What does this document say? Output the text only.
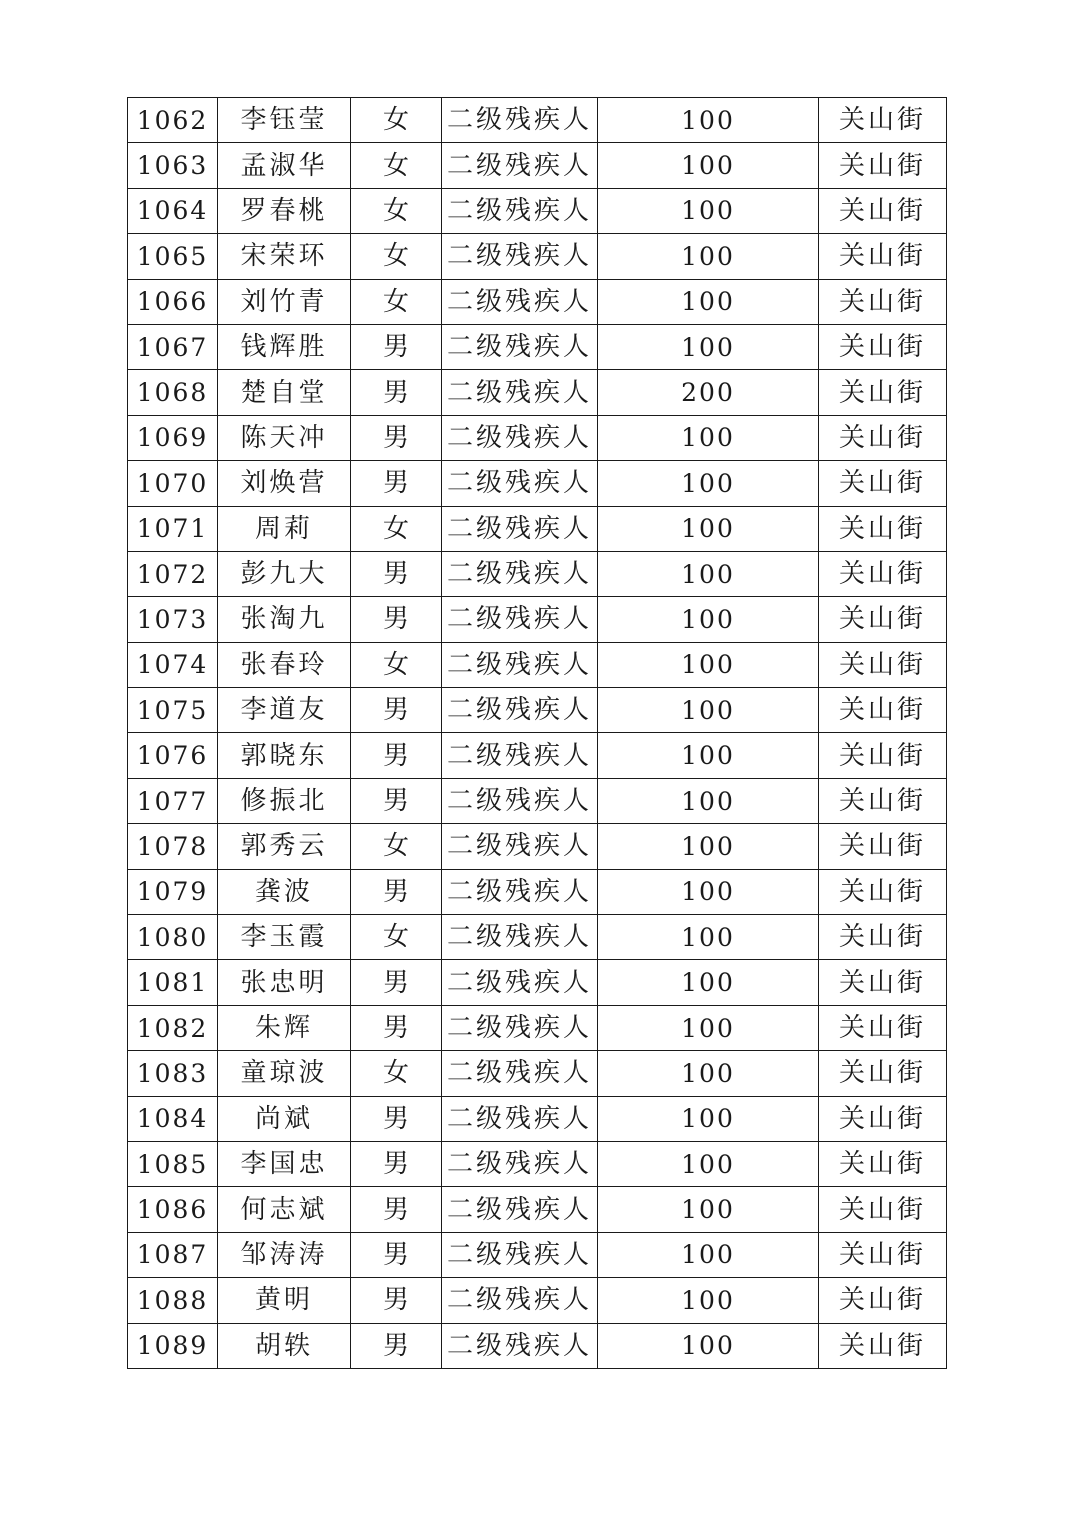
1062	李钰莹	女	二级残疾人	100	关山街
1063	孟淑华	女	二级残疾人	100	关山街
1064	罗春桃	女	二级残疾人	100	关山街
1065	宋荣环	女	二级残疾人	100	关山街
1066	刘竹青	女	二级残疾人	100	关山街
1067	钱辉胜	男	二级残疾人	100	关山街
1068	楚自堂	男	二级残疾人	200	关山街
1069	陈天冲	男	二级残疾人	100	关山街
1070	刘焕营	男	二级残疾人	100	关山街
1071	周莉	女	二级残疾人	100	关山街
1072	彭九大	男	二级残疾人	100	关山街
1073	张淘九	男	二级残疾人	100	关山街
1074	张春玲	女	二级残疾人	100	关山街
1075	李道友	男	二级残疾人	100	关山街
1076	郭晓东	男	二级残疾人	100	关山街
1077	修振北	男	二级残疾人	100	关山街
1078	郭秀云	女	二级残疾人	100	关山街
1079	龚波	男	二级残疾人	100	关山街
1080	李玉霞	女	二级残疾人	100	关山街
1081	张忠明	男	二级残疾人	100	关山街
1082	朱辉	男	二级残疾人	100	关山街
1083	童琼波	女	二级残疾人	100	关山街
1084	尚斌	男	二级残疾人	100	关山街
1085	李国忠	男	二级残疾人	100	关山街
1086	何志斌	男	二级残疾人	100	关山街
1087	邹涛涛	男	二级残疾人	100	关山街
1088	黄明	男	二级残疾人	100	关山街
1089	胡轶	男	二级残疾人	100	关山街
